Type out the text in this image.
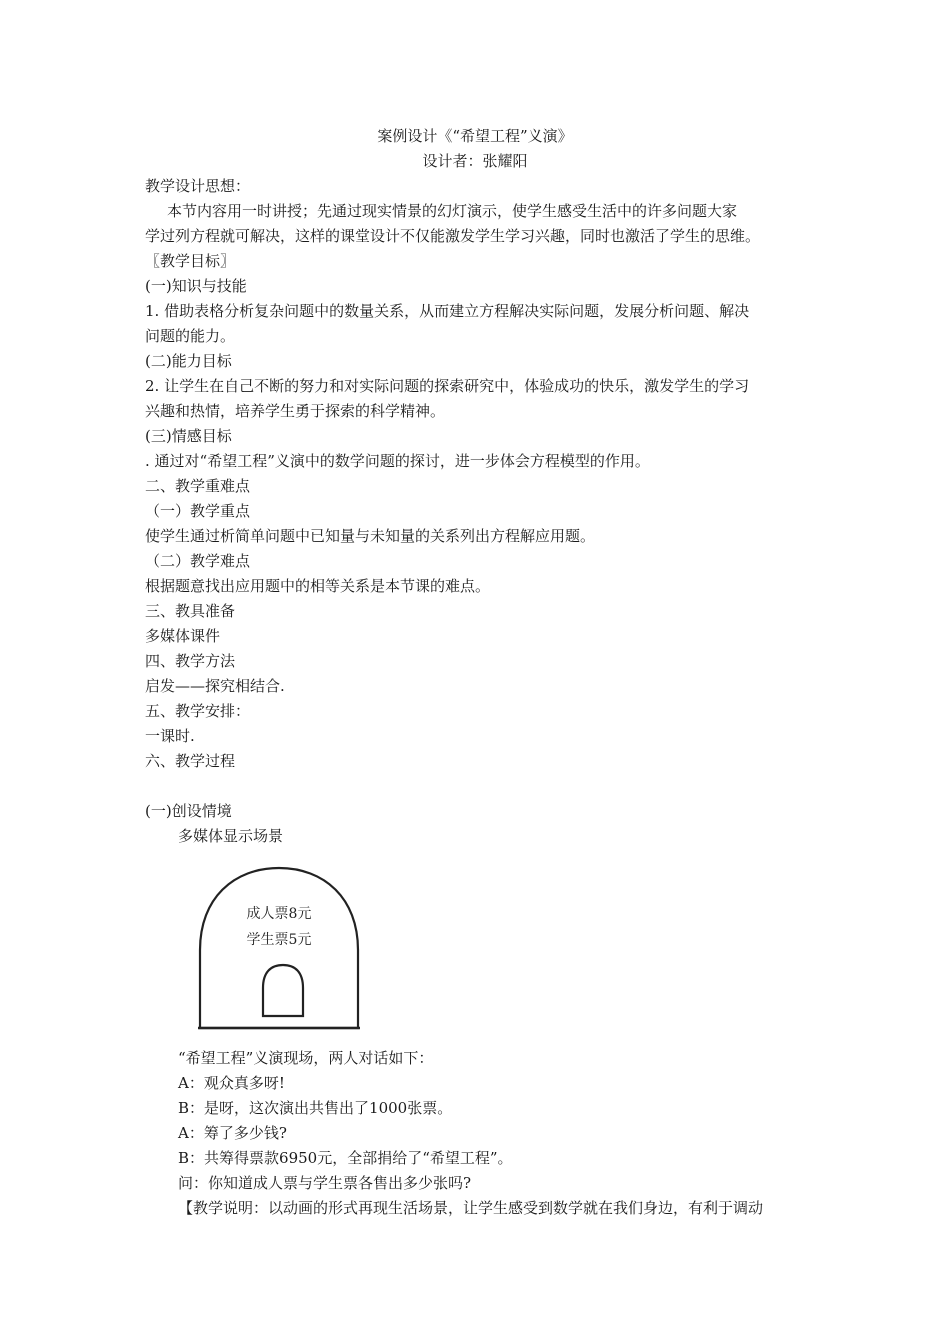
案例设计《“希望工程”义演》
设计者：张耀阳
教学设计思想：
本节内容用一时讲授；先通过现实情景的幻灯演示，使学生感受生活中的许多问题大家
学过列方程就可解决，这样的课堂设计不仅能激发学生学习兴趣，同时也激活了学生的思维。
〖教学目标〗
(一)知识与技能
1. 借助表格分析复杂问题中的数量关系，从而建立方程解决实际问题，发展分析问题、解决
问题的能力。
(二)能力目标
2. 让学生在自己不断的努力和对实际问题的探索研究中，体验成功的快乐，激发学生的学习
兴趣和热情，培养学生勇于探索的科学精神。
(三)情感目标
. 通过对“希望工程”义演中的数学问题的探讨，进一步体会方程模型的作用。
二、教学重难点
（一）教学重点
使学生通过析简单问题中已知量与未知量的关系列出方程解应用题。
（二）教学难点
根据题意找出应用题中的相等关系是本节课的难点。
三、教具准备
多媒体课件
四、教学方法
启发——探究相结合.
五、教学安排：
一课时.
六、教学过程
(一)创设情境
多媒体显示场景
成人票8元
学生票5元
“希望工程”义演现场，两人对话如下：
A：观众真多呀!
B：是呀，这次演出共售出了1000张票。
A：筹了多少钱?
B：共筹得票款6950元，全部捐给了“希望工程”。
问：你知道成人票与学生票各售出多少张吗?
【教学说明：以动画的形式再现生活场景，让学生感受到数学就在我们身边，有利于调动
